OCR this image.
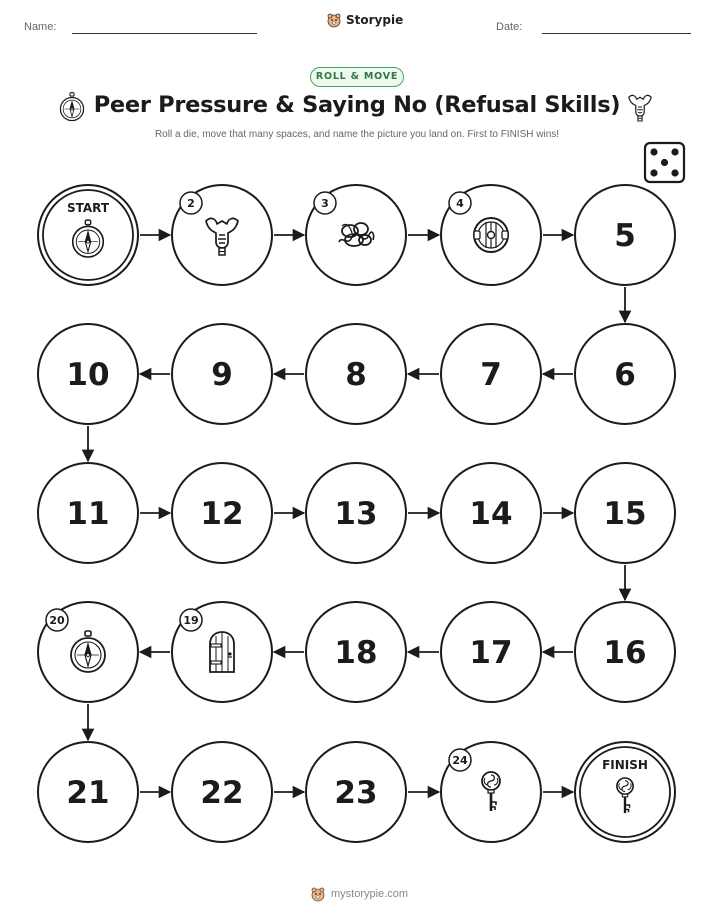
Name:	Storypie	Date:
ROLL & MOVE
Peer Pressure & Saying No (Refusal Skills)
Roll a die, move that many spaces, and name the picture you land on. First to FINISH wins!
START	2	3	4
5
6
7
8
9
10
11	12	13	14	15
16
17
18
19
20
21	22	23
24	FINISH
mystorypie.com
